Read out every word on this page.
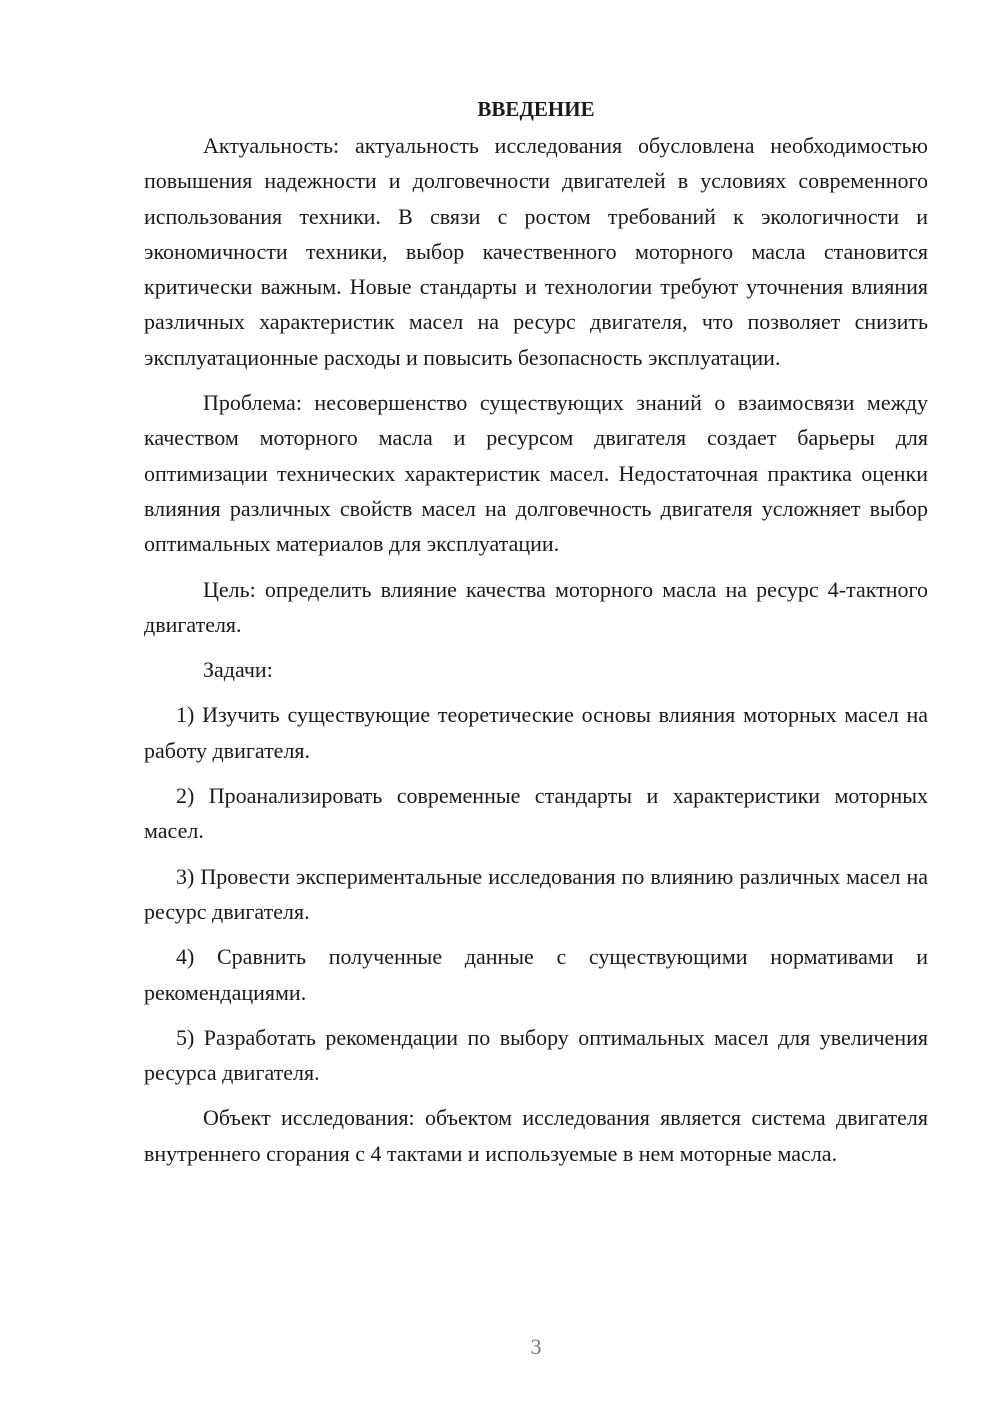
ВВЕДЕНИЕ

Актуальность: актуальность исследования обусловлена необходимостью повышения надежности и долговечности двигателей в условиях современного использования техники. В связи с ростом требований к экологичности и экономичности техники, выбор качественного моторного масла становится критически важным. Новые стандарты и технологии требуют уточнения влияния различных характеристик масел на ресурс двигателя, что позволяет снизить эксплуатационные расходы и повысить безопасность эксплуатации.

Проблема: несовершенство существующих знаний о взаимосвязи между качеством моторного масла и ресурсом двигателя создает барьеры для оптимизации технических характеристик масел. Недостаточная практика оценки влияния различных свойств масел на долговечность двигателя усложняет выбор оптимальных материалов для эксплуатации.

Цель: определить влияние качества моторного масла на ресурс 4-тактного двигателя.

Задачи:

1) Изучить существующие теоретические основы влияния моторных масел на работу двигателя.

2) Проанализировать современные стандарты и характеристики моторных масел.

3) Провести экспериментальные исследования по влиянию различных масел на ресурс двигателя.

4) Сравнить полученные данные с существующими нормативами и рекомендациями.

5) Разработать рекомендации по выбору оптимальных масел для увеличения ресурса двигателя.

Объект исследования: объектом исследования является система двигателя внутреннего сгорания с 4 тактами и используемые в нем моторные масла.

3
